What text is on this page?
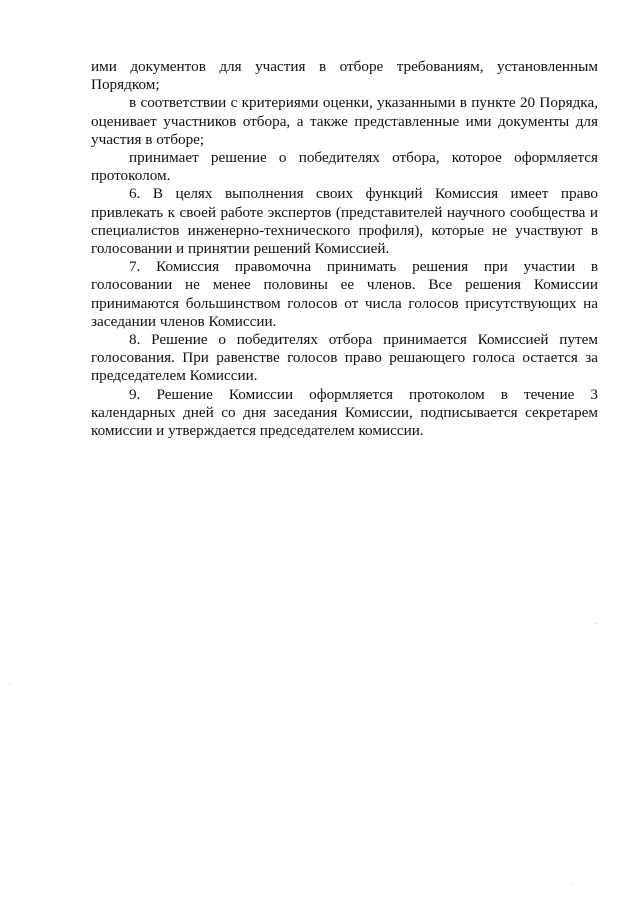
ими документов для участия в отборе требованиям, установленным Порядком;

в соответствии с критериями оценки, указанными в пункте 20 Порядка, оценивает участников отбора, а также представленные ими документы для участия в отборе;

принимает решение о победителях отбора, которое оформляется протоколом.

6. В целях выполнения своих функций Комиссия имеет право привлекать к своей работе экспертов (представителей научного сообщества и специалистов инженерно-технического профиля), которые не участвуют в голосовании и принятии решений Комиссией.

7. Комиссия правомочна принимать решения при участии в голосовании не менее половины ее членов. Все решения Комиссии принимаются большинством голосов от числа голосов присутствующих на заседании членов Комиссии.

8. Решение о победителях отбора принимается Комиссией путем голосования. При равенстве голосов право решающего голоса остается за председателем Комиссии.

9. Решение Комиссии оформляется протоколом в течение 3 календарных дней со дня заседания Комиссии, подписывается секретарем комиссии и утверждается председателем комиссии.
